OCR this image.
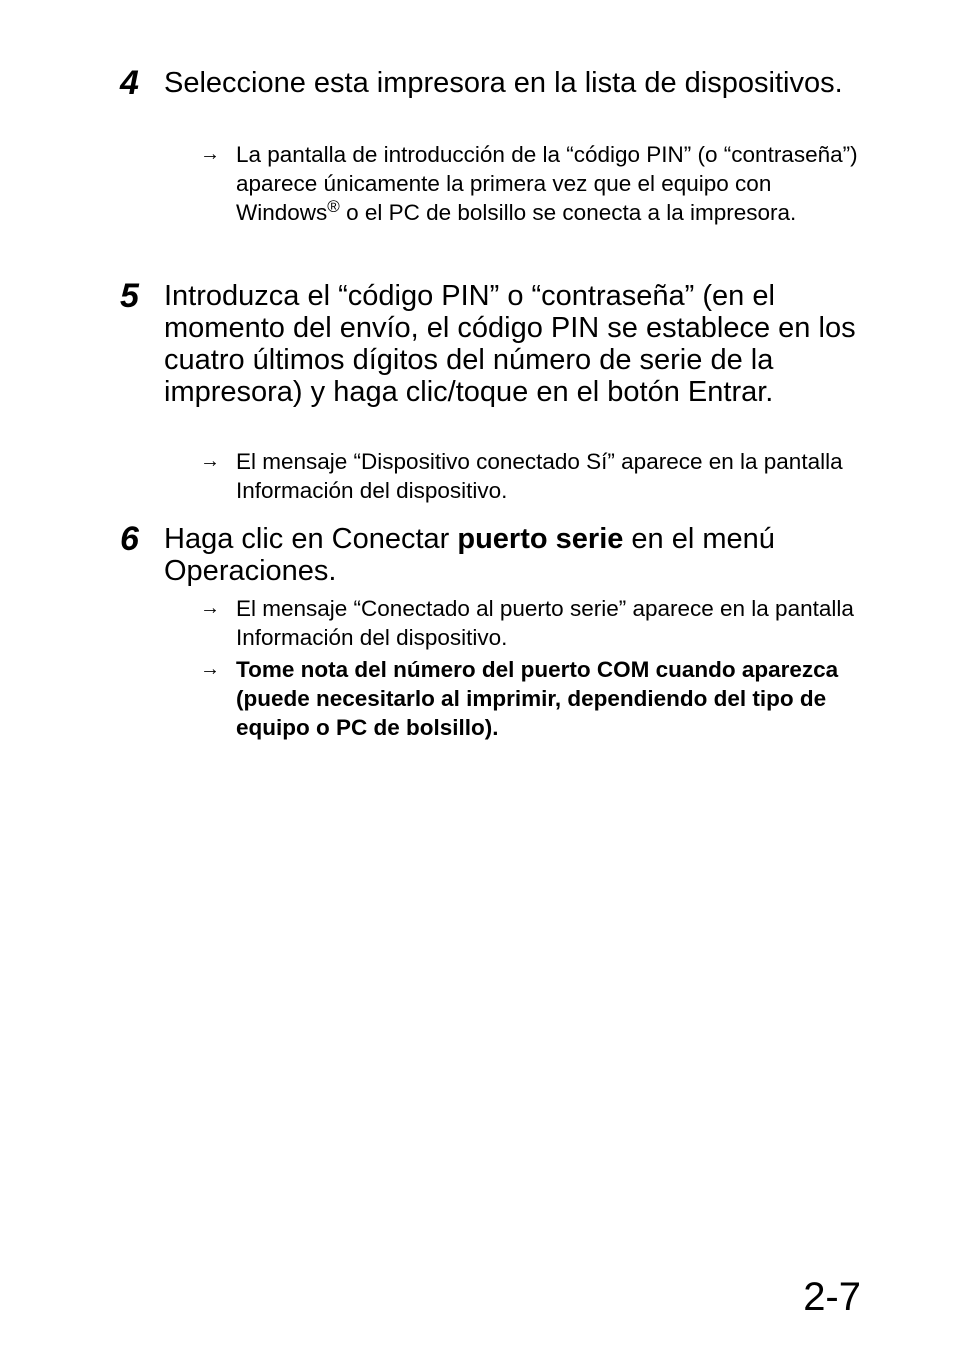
4 Seleccione esta impresora en la lista de dispositivos.
→ La pantalla de introducción de la “código PIN” (o “contraseña”) aparece únicamente la primera vez que el equipo con Windows® o el PC de bolsillo se conecta a la impresora.
5 Introduzca el “código PIN” o “contraseña” (en el momento del envío, el código PIN se establece en los cuatro últimos dígitos del número de serie de la impresora) y haga clic/toque en el botón Entrar.
→ El mensaje “Dispositivo conectado Sí” aparece en la pantalla Información del dispositivo.
6 Haga clic en Conectar puerto serie en el menú Operaciones.
→ El mensaje “Conectado al puerto serie” aparece en la pantalla Información del dispositivo.
→ Tome nota del número del puerto COM cuando aparezca (puede necesitarlo al imprimir, dependiendo del tipo de equipo o PC de bolsillo).
2-7
